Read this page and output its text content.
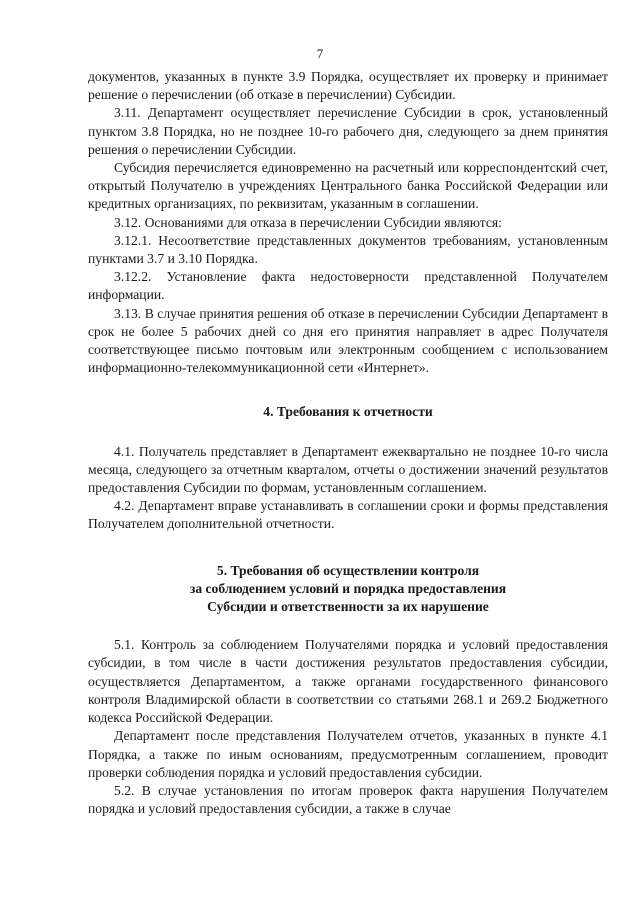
7

документов, указанных в пункте 3.9 Порядка, осуществляет их проверку и принимает решение о перечислении (об отказе в перечислении) Субсидии.

3.11. Департамент осуществляет перечисление Субсидии в срок, установленный пунктом 3.8 Порядка, но не позднее 10-го рабочего дня, следующего за днем принятия решения о перечислении Субсидии.

Субсидия перечисляется единовременно на расчетный или корреспондентский счет, открытый Получателю в учреждениях Центрального банка Российской Федерации или кредитных организациях, по реквизитам, указанным в соглашении.

3.12. Основаниями для отказа в перечислении Субсидии являются:

3.12.1. Несоответствие представленных документов требованиям, установленным пунктами 3.7 и 3.10 Порядка.

3.12.2. Установление факта недостоверности представленной Получателем информации.

3.13. В случае принятия решения об отказе в перечислении Субсидии Департамент в срок не более 5 рабочих дней со дня его принятия направляет в адрес Получателя соответствующее письмо почтовым или электронным сообщением с использованием информационно-телекоммуникационной сети «Интернет».

4. Требования к отчетности

4.1. Получатель представляет в Департамент ежеквартально не позднее 10-го числа месяца, следующего за отчетным кварталом, отчеты о достижении значений результатов предоставления Субсидии по формам, установленным соглашением.

4.2. Департамент вправе устанавливать в соглашении сроки и формы представления Получателем дополнительной отчетности.

5. Требования об осуществлении контроля
за соблюдением условий и порядка предоставления
Субсидии и ответственности за их нарушение

5.1. Контроль за соблюдением Получателями порядка и условий предоставления субсидии, в том числе в части достижения результатов предоставления субсидии, осуществляется Департаментом, а также органами государственного финансового контроля Владимирской области в соответствии со статьями 268.1 и 269.2 Бюджетного кодекса Российской Федерации.

Департамент после представления Получателем отчетов, указанных в пункте 4.1 Порядка, а также по иным основаниям, предусмотренным соглашением, проводит проверки соблюдения порядка и условий предоставления субсидии.

5.2. В случае установления по итогам проверок факта нарушения Получателем порядка и условий предоставления субсидии, а также в случае
